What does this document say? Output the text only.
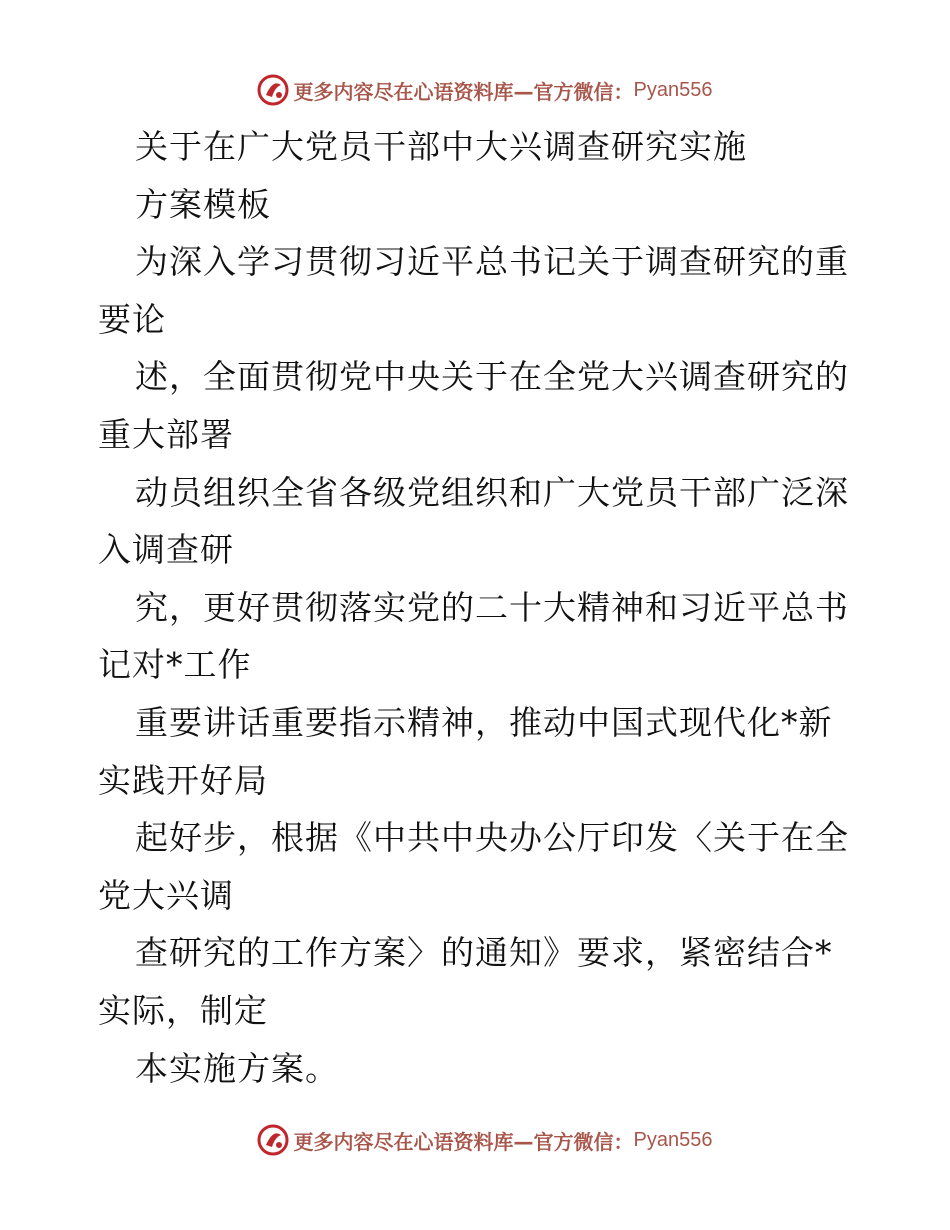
更多内容尽在心语资料库—官方微信： Pyan556
关于在广大党员干部中大兴调查研究实施
方案模板
为深入学习贯彻习近平总书记关于调查研究的重
要论
述，全面贯彻党中央关于在全党大兴调查研究的
重大部署
动员组织全省各级党组织和广大党员干部广泛深
入调查研
究，更好贯彻落实党的二十大精神和习近平总书
记对*工作
重要讲话重要指示精神，推动中国式现代化*新
实践开好局
起好步，根据《中共中央办公厅印发〈关于在全
党大兴调
查研究的工作方案〉的通知》要求，紧密结合*
实际，制定
本实施方案。
更多内容尽在心语资料库—官方微信： Pyan556
